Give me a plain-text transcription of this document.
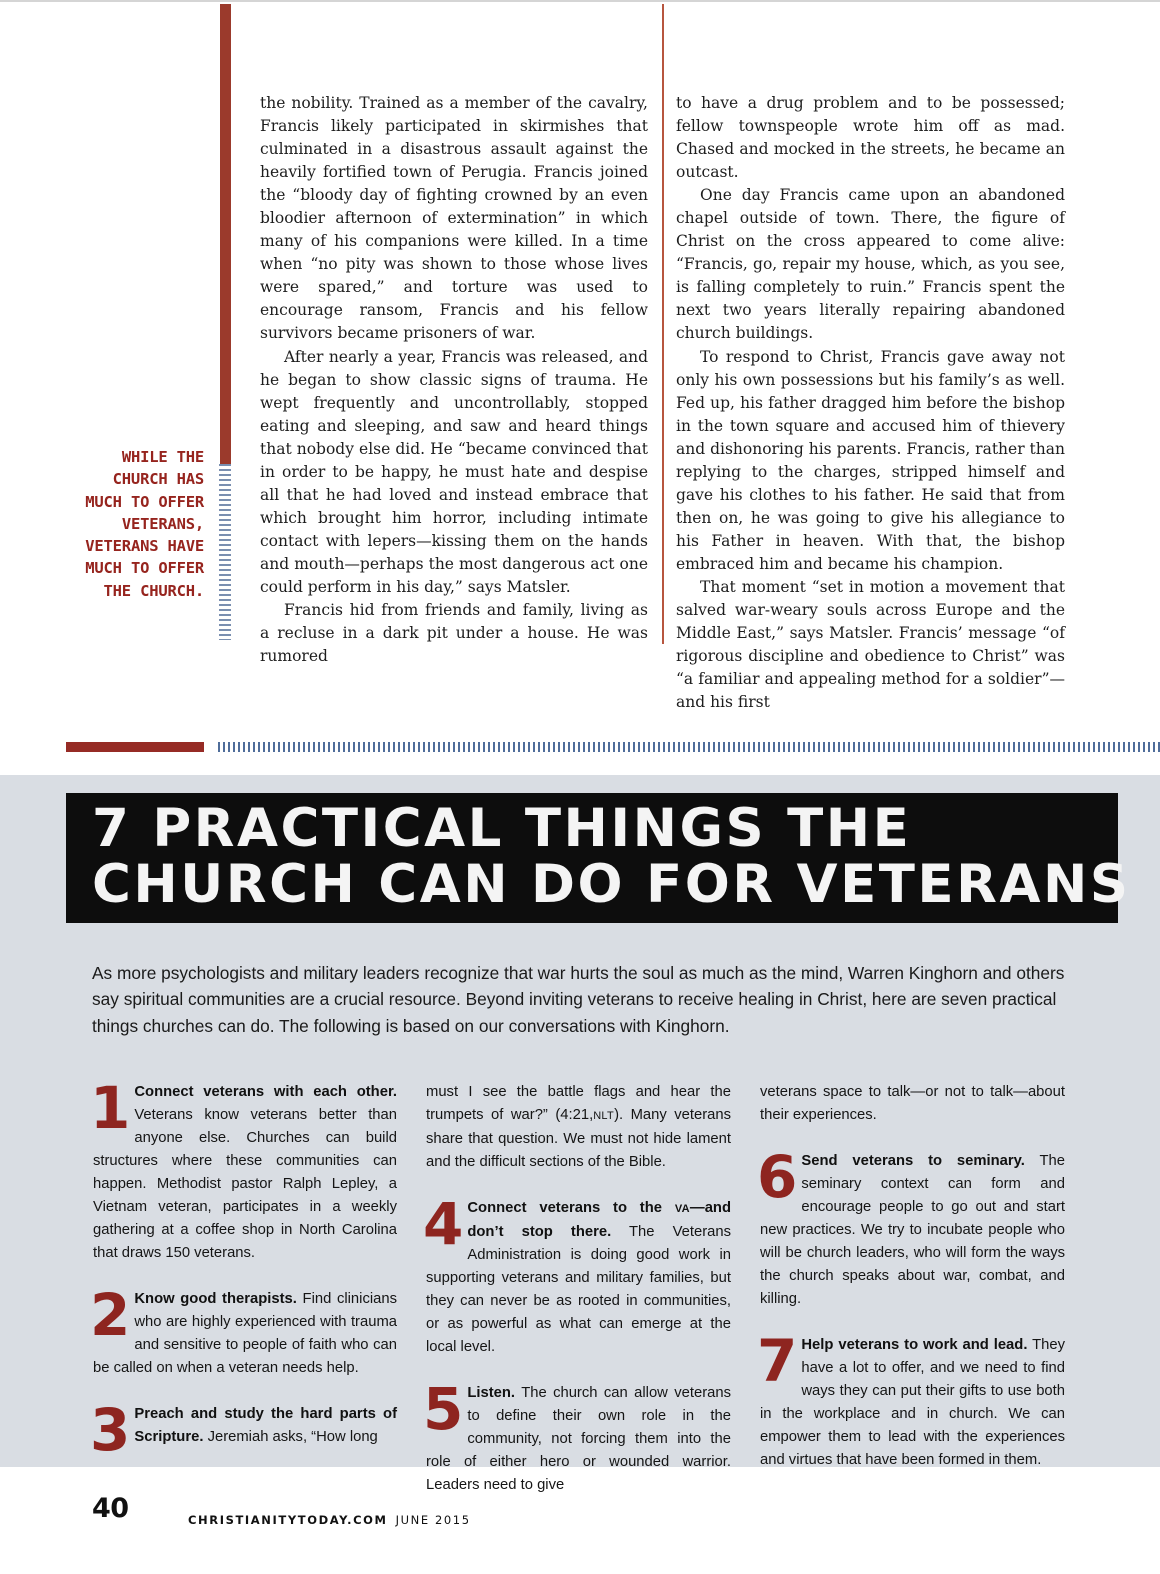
WHILE THE CHURCH HAS MUCH TO OFFER VETERANS, VETERANS HAVE MUCH TO OFFER THE CHURCH.

the nobility. Trained as a member of the cavalry, Francis likely participated in skirmishes that culminated in a disastrous assault against the heavily fortified town of Perugia. Francis joined the “bloody day of fighting crowned by an even bloodier afternoon of extermination” in which many of his companions were killed. In a time when “no pity was shown to those whose lives were spared,” and torture was used to encourage ransom, Francis and his fellow survivors became prisoners of war.

After nearly a year, Francis was released, and he began to show classic signs of trauma. He wept frequently and uncontrollably, stopped eating and sleeping, and saw and heard things that nobody else did. He “became convinced that in order to be happy, he must hate and despise all that he had loved and instead embrace that which brought him horror, including intimate contact with lepers—kissing them on the hands and mouth—perhaps the most dangerous act one could perform in his day,” says Matsler.

Francis hid from friends and family, living as a recluse in a dark pit under a house. He was rumored

to have a drug problem and to be possessed; fellow townspeople wrote him off as mad. Chased and mocked in the streets, he became an outcast.

One day Francis came upon an abandoned chapel outside of town. There, the figure of Christ on the cross appeared to come alive: “Francis, go, repair my house, which, as you see, is falling completely to ruin.” Francis spent the next two years literally repairing abandoned church buildings.

To respond to Christ, Francis gave away not only his own possessions but his family’s as well. Fed up, his father dragged him before the bishop in the town square and accused him of thievery and dishonoring his parents. Francis, rather than replying to the charges, stripped himself and gave his clothes to his father. He said that from then on, he was going to give his allegiance to his Father in heaven. With that, the bishop embraced him and became his champion.

That moment “set in motion a movement that salved war-weary souls across Europe and the Middle East,” says Matsler. Francis’ message “of rigorous discipline and obedience to Christ” was “a familiar and appealing method for a soldier”—and his first

7 PRACTICAL THINGS THE
CHURCH CAN DO FOR VETERANS

As more psychologists and military leaders recognize that war hurts the soul as much as the mind, Warren Kinghorn and others say spiritual communities are a crucial resource. Beyond inviting veterans to receive healing in Christ, here are seven practical things churches can do. The following is based on our conversations with Kinghorn.

1 Connect veterans with each other. Veterans know veterans better than anyone else. Churches can build structures where these communities can happen. Methodist pastor Ralph Lepley, a Vietnam veteran, participates in a weekly gathering at a coffee shop in North Carolina that draws 150 veterans.
2 Know good therapists. Find clinicians who are highly experienced with trauma and sensitive to people of faith who can be called on when a veteran needs help.
3 Preach and study the hard parts of Scripture. Jeremiah asks, “How long
must I see the battle flags and hear the trumpets of war?” (4:21,NLT). Many veterans share that question. We must not hide lament and the difficult sections of the Bible.
4 Connect veterans to the VA—and don’t stop there. The Veterans Administration is doing good work in supporting veterans and military families, but they can never be as rooted in communities, or as powerful as what can emerge at the local level.
5 Listen. The church can allow veterans to define their own role in the community, not forcing them into the role of either hero or wounded warrior. Leaders need to give
veterans space to talk—or not to talk—about their experiences.
6 Send veterans to seminary. The seminary context can form and encourage people to go out and start new practices. We try to incubate people who will be church leaders, who will form the ways the church speaks about war, combat, and killing.
7 Help veterans to work and lead. They have a lot to offer, and we need to find ways they can put their gifts to use both in the workplace and in church. We can empower them to lead with the experiences and virtues that have been formed in them.
40	CHRISTIANITYTODAY.COM JUNE 2015
